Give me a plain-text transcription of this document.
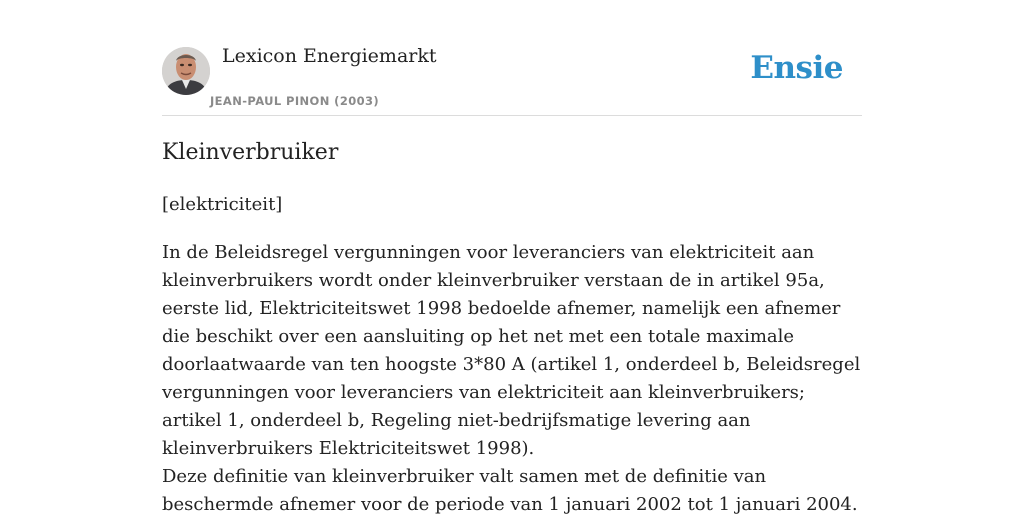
Lexicon Energiemarkt
JEAN-PAUL PINON (2003)
Ensie
Kleinverbruiker
[elektriciteit]

In de Beleidsregel vergunningen voor leveranciers van elektriciteit aan kleinverbruikers wordt onder kleinverbruiker verstaan de in artikel 95a, eerste lid, Elektriciteitswet 1998 bedoelde afnemer, namelijk een afnemer die beschikt over een aansluiting op het net met een totale maximale doorlaatwaarde van ten hoogste 3*80 A (artikel 1, onderdeel b, Beleidsregel vergunningen voor leveranciers van elektriciteit aan kleinverbruikers; artikel 1, onderdeel b, Regeling niet-bedrijfsmatige levering aan kleinverbruikers Elektriciteitswet 1998).

Deze definitie van kleinverbruiker valt samen met de definitie van beschermde afnemer voor de periode van 1 januari 2002 tot 1 januari 2004.
